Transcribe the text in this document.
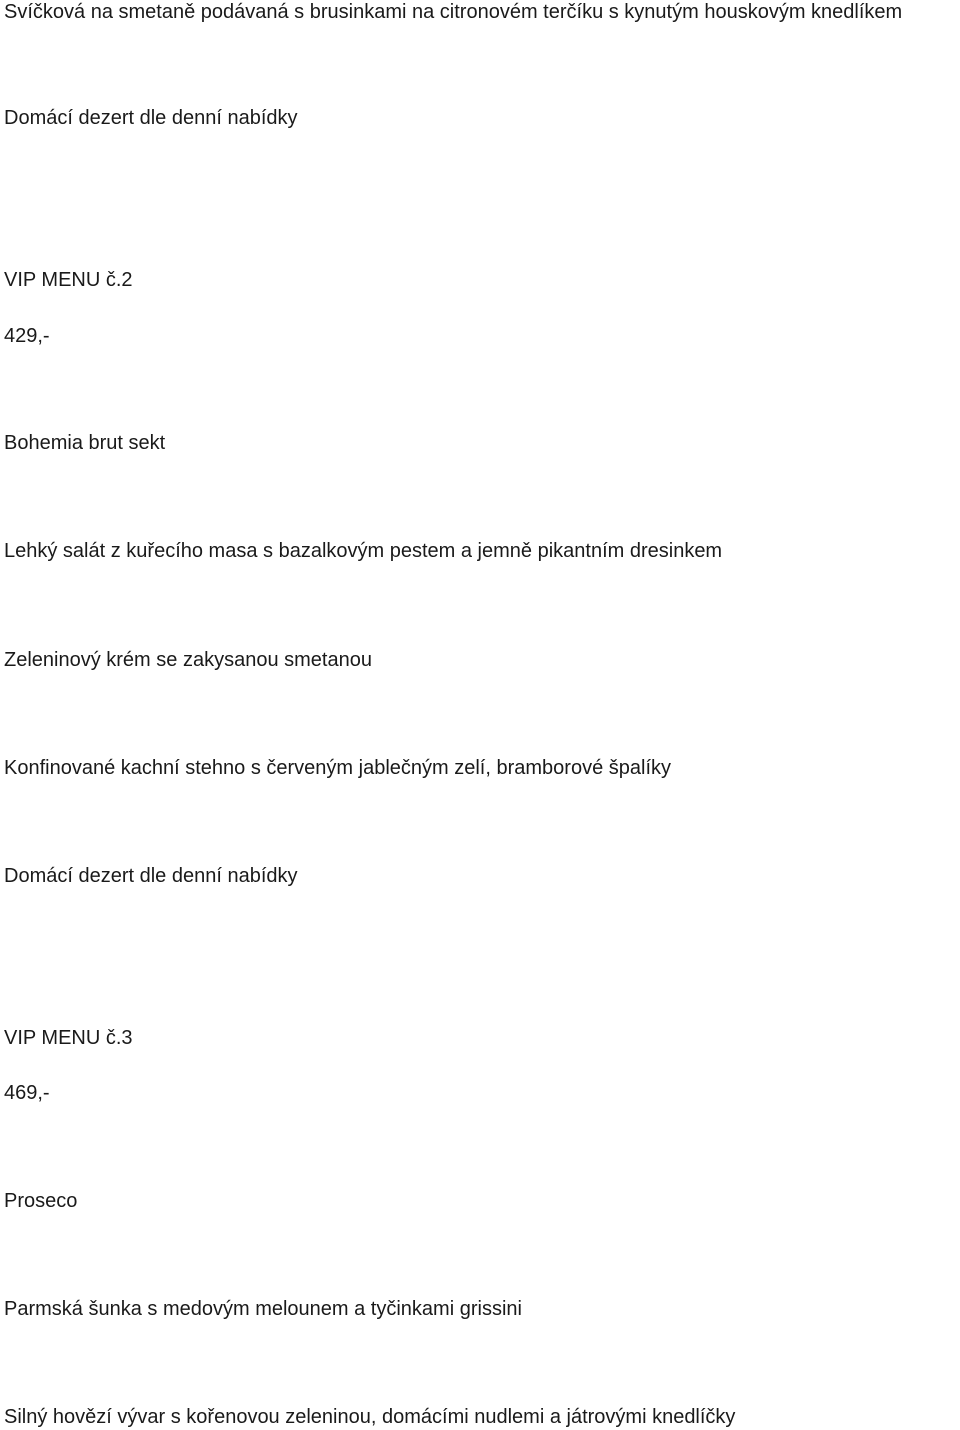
Svíčková na smetaně podávaná s brusinkami na citronovém terčíku s kynutým houskovým knedlíkem

Domácí dezert dle denní nabídky

VIP MENU č.2

429,-

Bohemia brut sekt

Lehký salát z kuřecího masa s bazalkovým pestem a jemně pikantním dresinkem

Zeleninový krém se zakysanou smetanou

Konfinované kachní stehno s červeným jablečným zelí, bramborové špalíky

Domácí dezert dle denní nabídky

VIP MENU č.3

469,-

Proseco

Parmská šunka s medovým melounem a tyčinkami grissini

Silný hovězí vývar s kořenovou zeleninou, domácími nudlemi a játrovými knedlíčky
